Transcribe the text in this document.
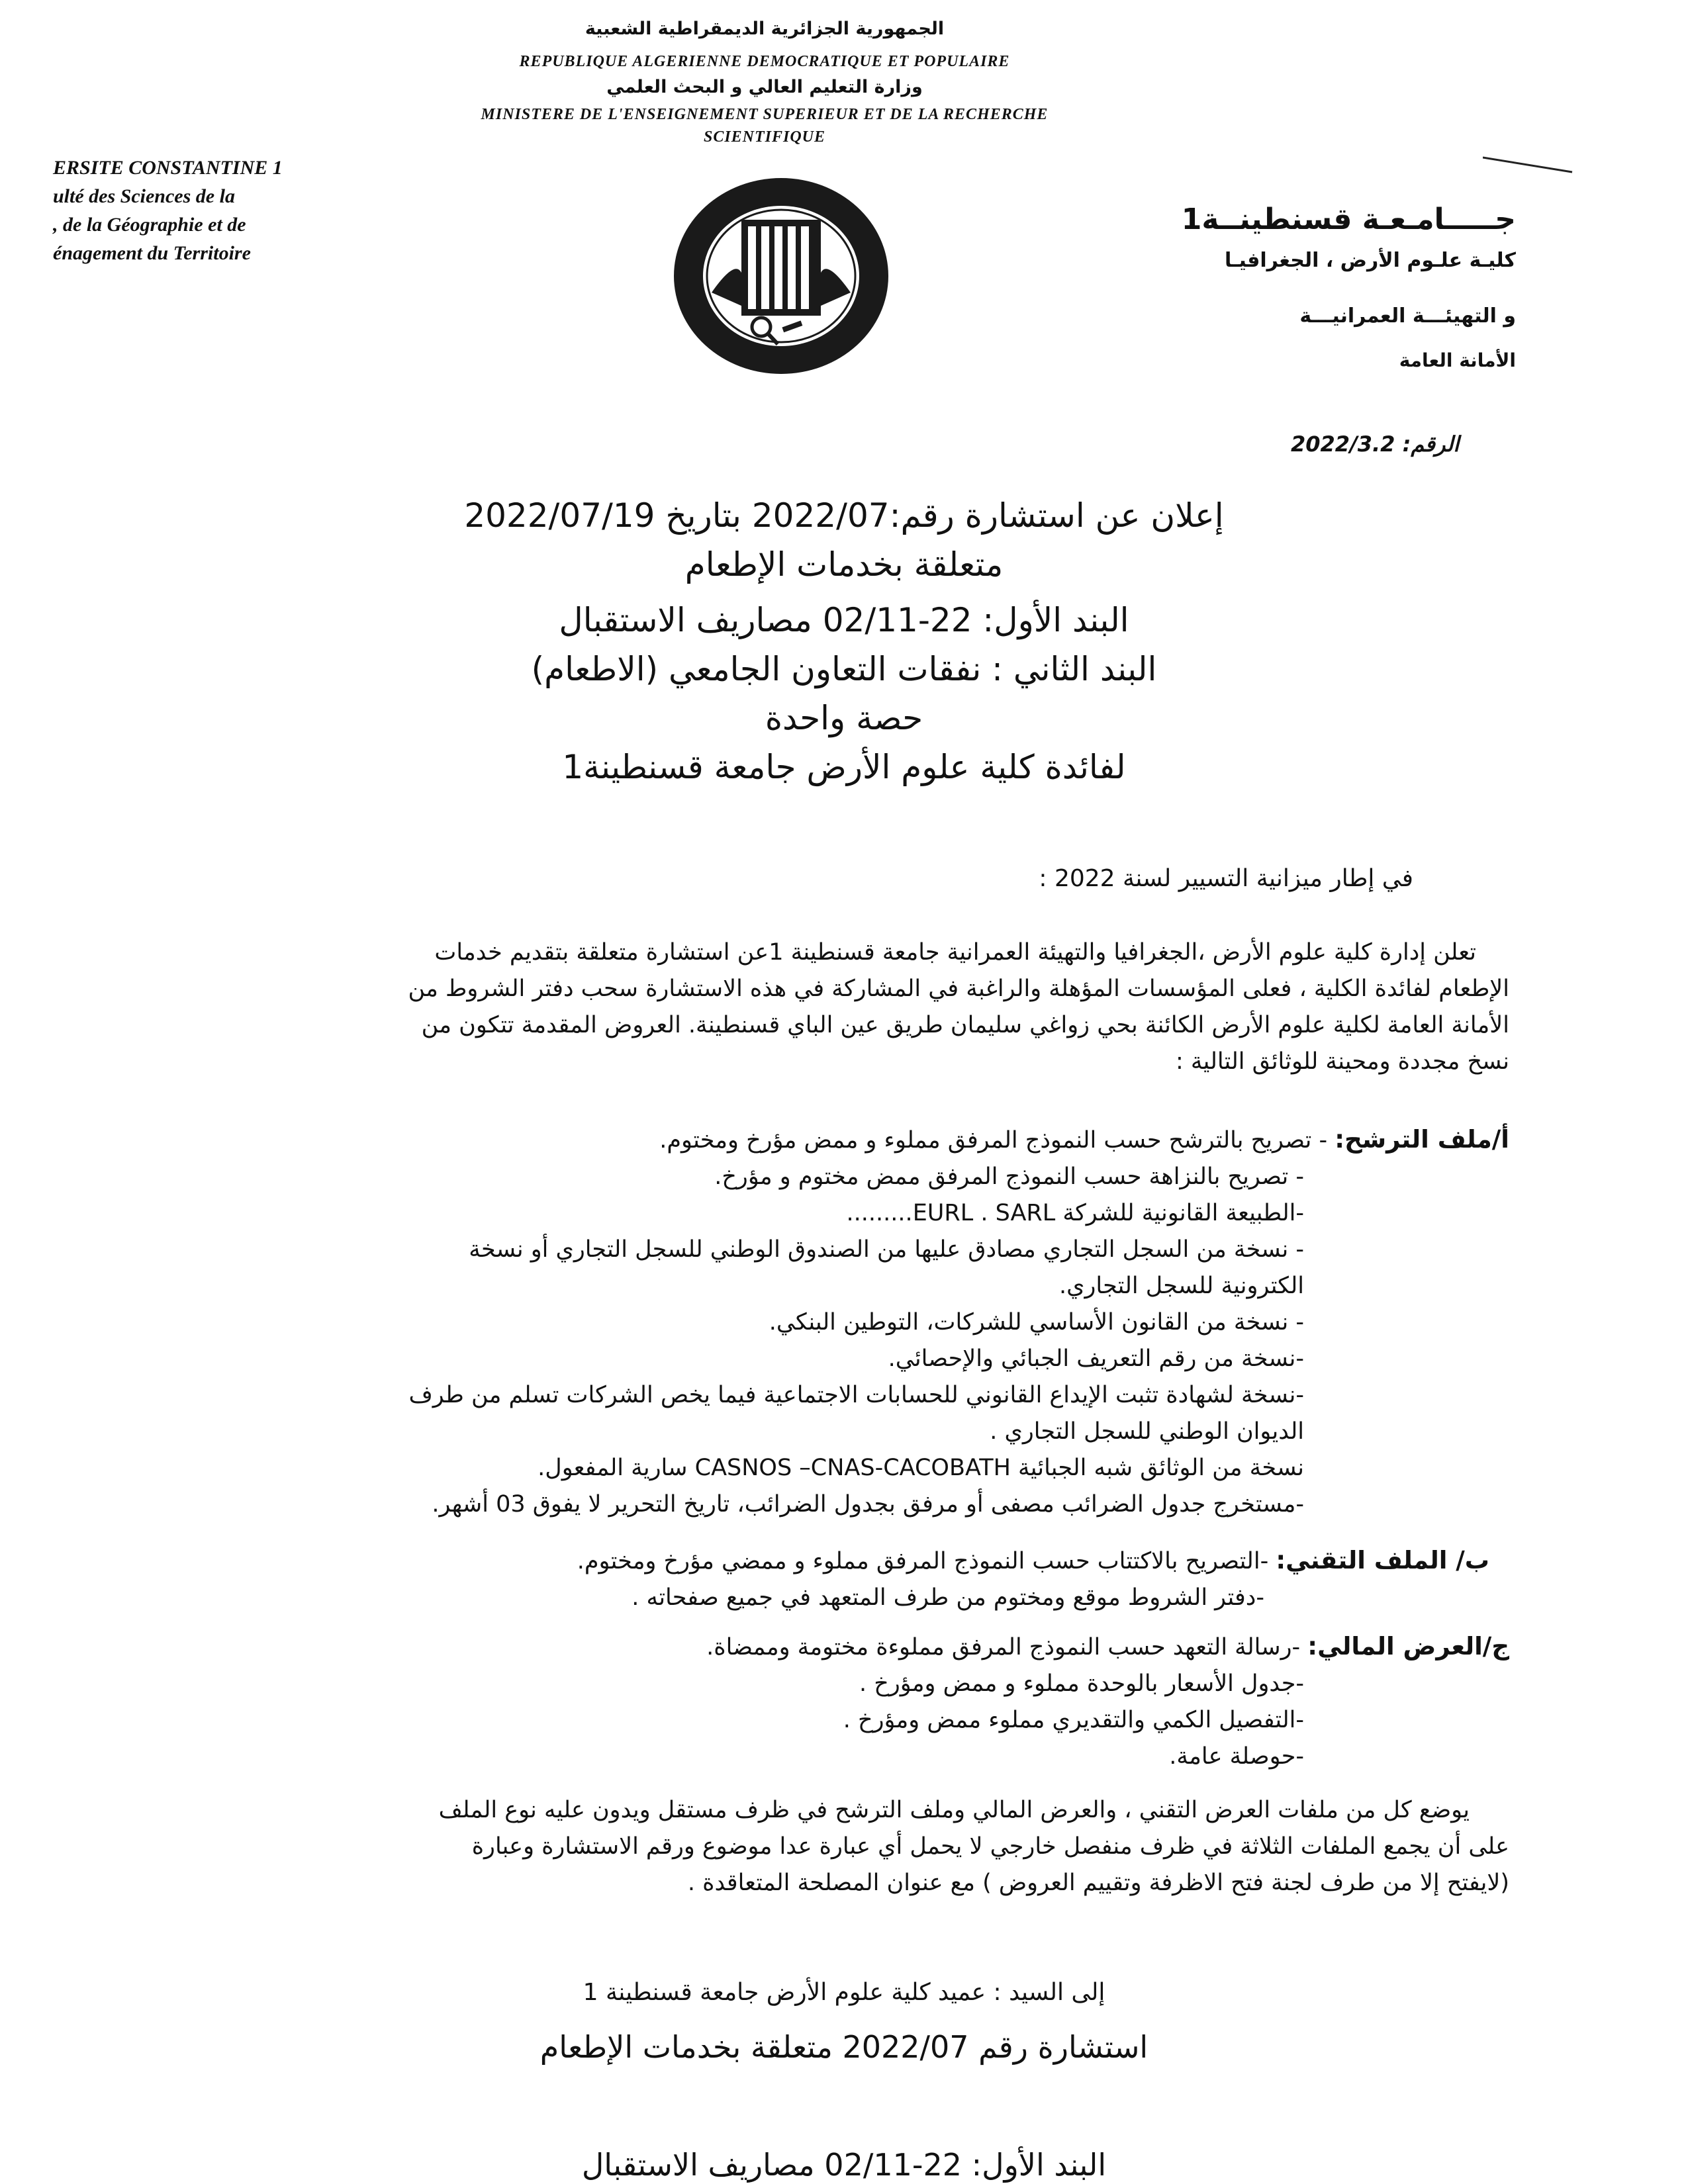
الجمهورية الجزائرية الديمقراطية الشعبية
REPUBLIQUE ALGERIENNE DEMOCRATIQUE ET POPULAIRE
وزارة التعليم العالي و البحث العلمي
MINISTERE DE L'ENSEIGNEMENT SUPERIEUR ET DE LA RECHERCHE
SCIENTIFIQUE
ERSITE CONSTANTINE 1
ulté des Sciences de la
, de la Géographie et de
énagement du Territoire
جـــــامـعـة قسنطينــة1
كليـة علـوم الأرض ، الجغرافيـا
و التهيئـــة العمرانيـــة
الأمانة العامة
2022/3.2 الرقم:
إعلان عن استشارة رقم:2022/07 بتاريخ 2022/07/19
متعلقة بخدمات الإطعام
البند الأول: 22-02/11 مصاريف الاستقبال
البند الثاني : نفقات التعاون الجامعي (الاطعام)
حصة واحدة
لفائدة كلية علوم الأرض جامعة قسنطينة1
في إطار ميزانية التسيير لسنة 2022 :
تعلن إدارة كلية علوم الأرض ،الجغرافيا والتهيئة العمرانية جامعة قسنطينة 1عن استشارة متعلقة بتقديم خدمات
الإطعام لفائدة الكلية ، فعلى المؤسسات المؤهلة والراغبة في المشاركة في هذه الاستشارة سحب دفتر الشروط من
الأمانة العامة لكلية علوم الأرض الكائنة بحي زواغي سليمان طريق عين الباي قسنطينة. العروض المقدمة تتكون من
نسخ مجددة ومحينة للوثائق التالية :
أ/ملف الترشح: - تصريح بالترشح حسب النموذج المرفق مملوء و ممض مؤرخ ومختوم.
- تصريح بالنزاهة حسب النموذج المرفق ممض مختوم و مؤرخ.
-الطبيعة القانونية للشركة EURL . SARL.........
- نسخة من السجل التجاري مصادق عليها من الصندوق الوطني للسجل التجاري أو نسخة
الكترونية للسجل التجاري.
- نسخة من القانون الأساسي للشركات، التوطين البنكي.
-نسخة من رقم التعريف الجبائي والإحصائي.
-نسخة لشهادة تثبت الإيداع القانوني للحسابات الاجتماعية فيما يخص الشركات تسلم من طرف
الديوان الوطني للسجل التجاري .
نسخة من الوثائق شبه الجبائية CASNOS –CNAS-CACOBATH سارية المفعول.
-مستخرج جدول الضرائب مصفى أو مرفق بجدول الضرائب، تاريخ التحرير لا يفوق 03 أشهر.
ب/ الملف التقني: -التصريح بالاكتتاب حسب النموذج المرفق مملوء و ممضي مؤرخ ومختوم.
-دفتر الشروط موقع ومختوم من طرف المتعهد في جميع صفحاته .
ج/العرض المالي: -رسالة التعهد حسب النموذج المرفق مملوءة مختومة وممضاة.
-جدول الأسعار بالوحدة مملوء و ممض ومؤرخ .
-التفصيل الكمي والتقديري مملوء ممض ومؤرخ .
-حوصلة عامة.
يوضع كل من ملفات العرض التقني ، والعرض المالي وملف الترشح في ظرف مستقل ويدون عليه نوع الملف
على أن يجمع الملفات الثلاثة في ظرف منفصل خارجي لا يحمل أي عبارة عدا موضوع ورقم الاستشارة وعبارة
(لايفتح إلا من طرف لجنة فتح الاظرفة وتقييم العروض ) مع عنوان المصلحة المتعاقدة .
إلى السيد : عميد كلية علوم الأرض جامعة قسنطينة 1
استشارة رقم 2022/07 متعلقة بخدمات الإطعام
البند الأول: 22-02/11 مصاريف الاستقبال
